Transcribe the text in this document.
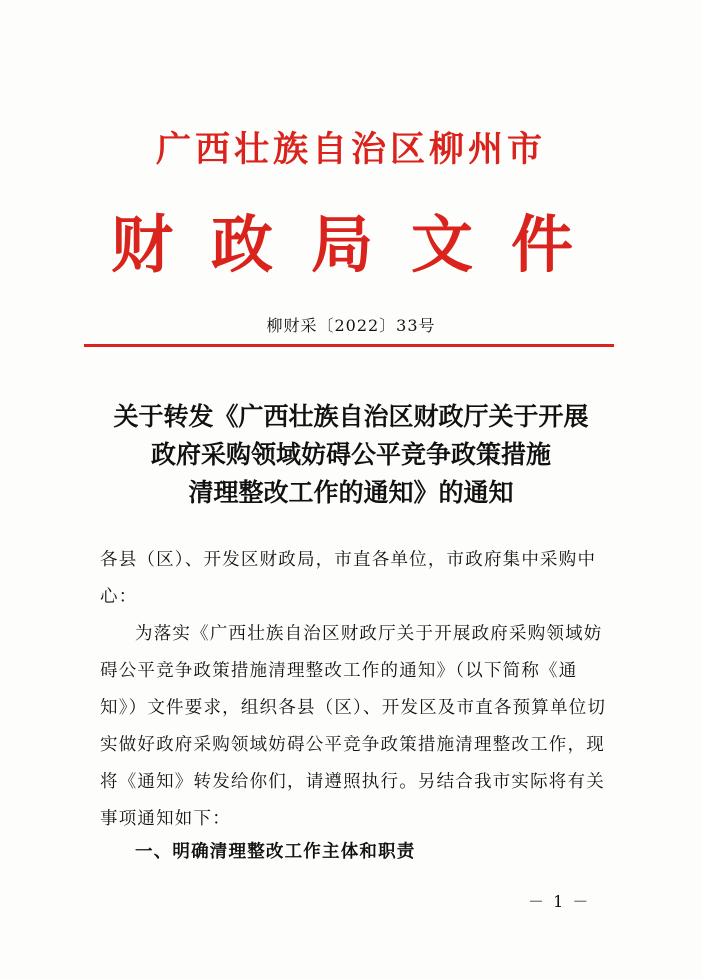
广西壮族自治区柳州市
财政局文件
柳财采〔2022〕33号
关于转发《广西壮族自治区财政厅关于开展
政府采购领域妨碍公平竞争政策措施
清理整改工作的通知》的通知
各县（区）、开发区财政局，市直各单位，市政府集中采购中心：
为落实《广西壮族自治区财政厅关于开展政府采购领域妨碍公平竞争政策措施清理整改工作的通知》（以下简称《通知》）文件要求，组织各县（区）、开发区及市直各预算单位切实做好政府采购领域妨碍公平竞争政策措施清理整改工作，现将《通知》转发给你们，请遵照执行。另结合我市实际将有关事项通知如下：
一、明确清理整改工作主体和职责
－ 1 －
